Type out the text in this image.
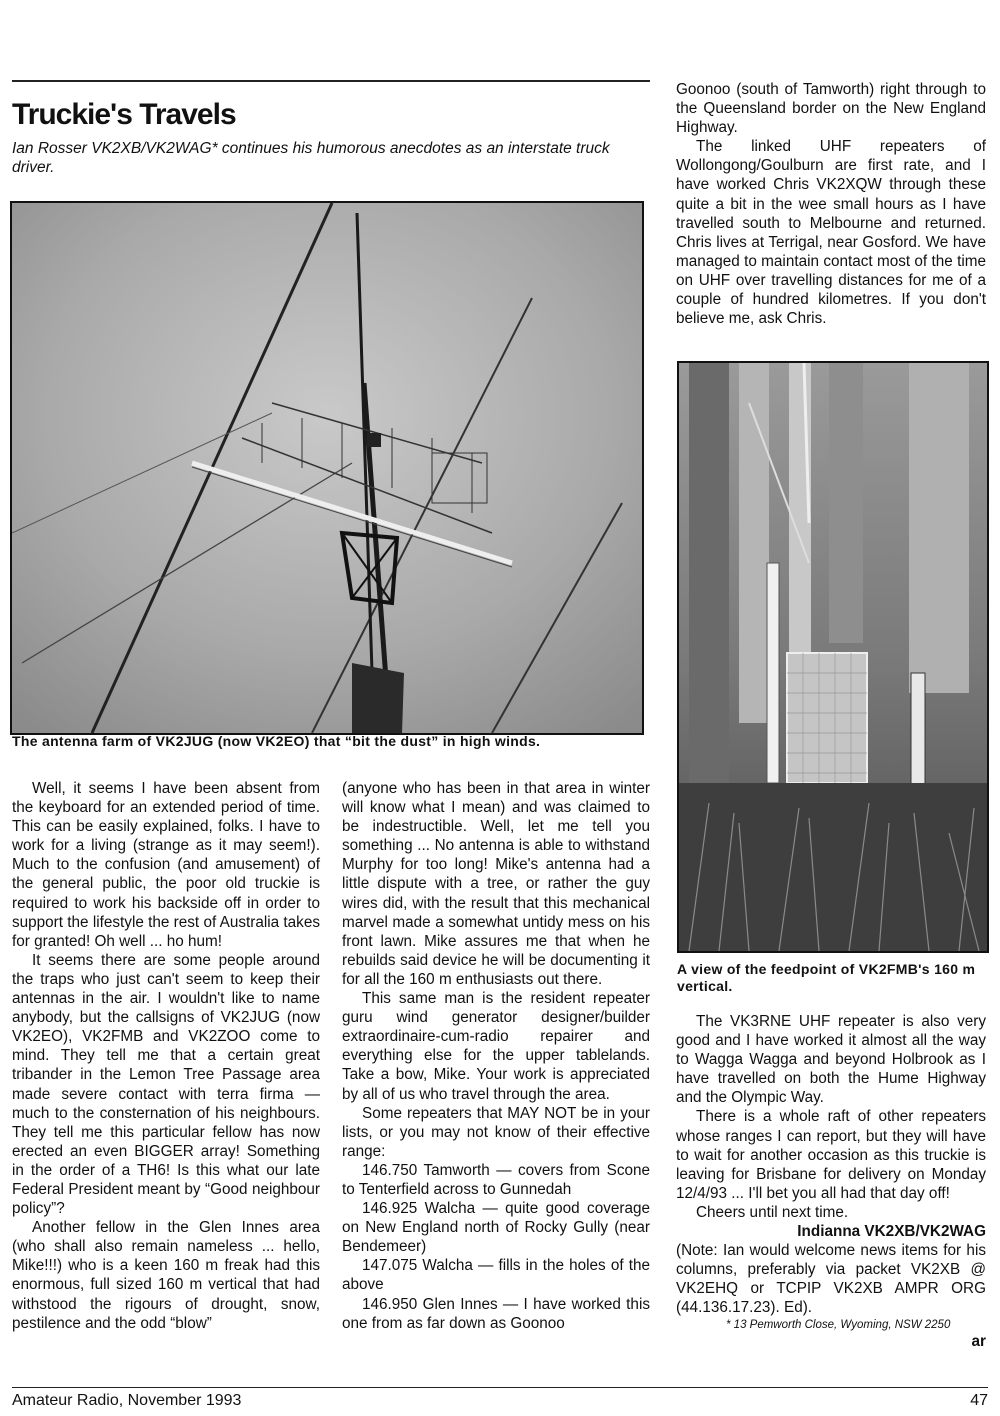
Truckie's Travels

Ian Rosser VK2XB/VK2WAG* continues his humorous anecdotes as an interstate truck driver.

The antenna farm of VK2JUG (now VK2EO) that “bit the dust” in high winds.

Well, it seems I have been absent from the keyboard for an extended period of time. This can be easily explained, folks. I have to work for a living (strange as it may seem!). Much to the confusion (and amusement) of the general public, the poor old truckie is required to work his backside off in order to support the lifestyle the rest of Australia takes for granted! Oh well ... ho hum!

It seems there are some people around the traps who just can't seem to keep their antennas in the air. I wouldn't like to name anybody, but the callsigns of VK2JUG (now VK2EO), VK2FMB and VK2ZOO come to mind. They tell me that a certain great tribander in the Lemon Tree Passage area made severe contact with terra firma — much to the consternation of his neighbours. They tell me this particular fellow has now erected an even BIGGER array! Something in the order of a TH6! Is this what our late Federal President meant by “Good neighbour policy”?

Another fellow in the Glen Innes area (who shall also remain nameless ... hello, Mike!!!) who is a keen 160 m freak had this enormous, full sized 160 m vertical that had withstood the rigours of drought, snow, pestilence and the odd “blow”

(anyone who has been in that area in winter will know what I mean) and was claimed to be indestructible. Well, let me tell you something ... No antenna is able to withstand Murphy for too long! Mike's antenna had a little dispute with a tree, or rather the guy wires did, with the result that this mechanical marvel made a somewhat untidy mess on his front lawn. Mike assures me that when he rebuilds said device he will be documenting it for all the 160 m enthusiasts out there.

This same man is the resident repeater guru wind generator designer/builder extraordinaire-cum-radio repairer and everything else for the upper tablelands. Take a bow, Mike. Your work is appreciated by all of us who travel through the area.

Some repeaters that MAY NOT be in your lists, or you may not know of their effective range:

146.750 Tamworth — covers from Scone to Tenterfield across to Gunnedah

146.925 Walcha — quite good coverage on New England north of Rocky Gully (near Bendemeer)

147.075 Walcha — fills in the holes of the above

146.950 Glen Innes — I have worked this one from as far down as Goonoo

Goonoo (south of Tamworth) right through to the Queensland border on the New England Highway.

The linked UHF repeaters of Wollongong/Goulburn are first rate, and I have worked Chris VK2XQW through these quite a bit in the wee small hours as I have travelled south to Melbourne and returned. Chris lives at Terrigal, near Gosford. We have managed to maintain contact most of the time on UHF over travelling distances for me of a couple of hundred kilometres. If you don't believe me, ask Chris.

A view of the feedpoint of VK2FMB's 160 m vertical.

The VK3RNE UHF repeater is also very good and I have worked it almost all the way to Wagga Wagga and beyond Holbrook as I have travelled on both the Hume Highway and the Olympic Way.

There is a whole raft of other repeaters whose ranges I can report, but they will have to wait for another occasion as this truckie is leaving for Brisbane for delivery on Monday 12/4/93 ... I'll bet you all had that day off!

Cheers until next time.

Indianna VK2XB/VK2WAG

(Note: Ian would welcome news items for his columns, preferably via packet VK2XB @ VK2EHQ or TCPIP VK2XB AMPR ORG (44.136.17.23). Ed).

* 13 Pemworth Close, Wyoming, NSW 2250

ar

Amateur Radio, November 1993	47
